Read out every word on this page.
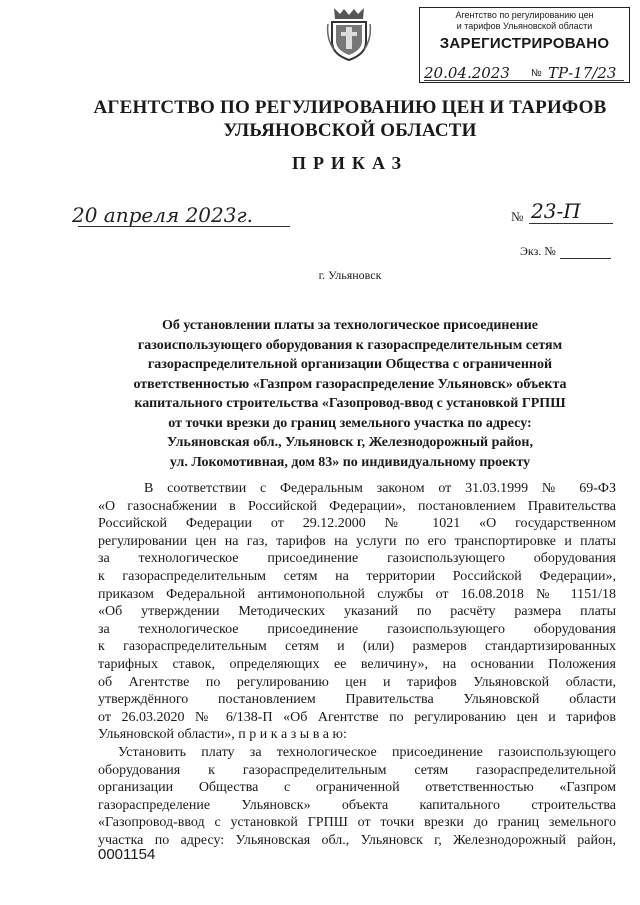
Агентство по регулированию цен
и тарифов Ульяновской области
ЗАРЕГИСТРИРОВАНО
20.04.2023 № ТР-17/23
АГЕНТСТВО ПО РЕГУЛИРОВАНИЮ ЦЕН И ТАРИФОВ
УЛЬЯНОВСКОЙ ОБЛАСТИ
ПРИКАЗ
20 апреля 2023г.	№ 23-П
Экз. №
г. Ульяновск
Об установлении платы за технологическое присоединение
газоиспользующего оборудования к газораспределительным сетям
газораспределительной организации Общества с ограниченной
ответственностью «Газпром газораспределение Ульяновск» объекта
капитального строительства «Газопровод-ввод с установкой ГРПШ
от точки врезки до границ земельного участка по адресу:
Ульяновская обл., Ульяновск г, Железнодорожный район,
ул. Локомотивная, дом 83» по индивидуальному проекту
В соответствии с Федеральным законом от 31.03.1999 № 69-ФЗ
«О газоснабжении в Российской Федерации», постановлением Правительства
Российской Федерации от 29.12.2000 № 1021 «О государственном
регулировании цен на газ, тарифов на услуги по его транспортировке и платы
за технологическое присоединение газоиспользующего оборудования
к газораспределительным сетям на территории Российской Федерации»,
приказом Федеральной антимонопольной службы от 16.08.2018 № 1151/18
«Об утверждении Методических указаний по расчёту размера платы
за технологическое присоединение газоиспользующего оборудования
к газораспределительным сетям и (или) размеров стандартизированных
тарифных ставок, определяющих ее величину», на основании Положения
об Агентстве по регулированию цен и тарифов Ульяновской области,
утверждённого постановлением Правительства Ульяновской области
от 26.03.2020 № 6/138-П «Об Агентстве по регулированию цен и тарифов
Ульяновской области», п р и к а з ы в а ю:
Установить плату за технологическое присоединение газоиспользующего
оборудования к газораспределительным сетям газораспределительной
организации Общества с ограниченной ответственностью «Газпром
газораспределение Ульяновск» объекта капитального строительства
«Газопровод-ввод с установкой ГРПШ от точки врезки до границ земельного
участка по адресу: Ульяновская обл., Ульяновск г, Железнодорожный район,
0001154
